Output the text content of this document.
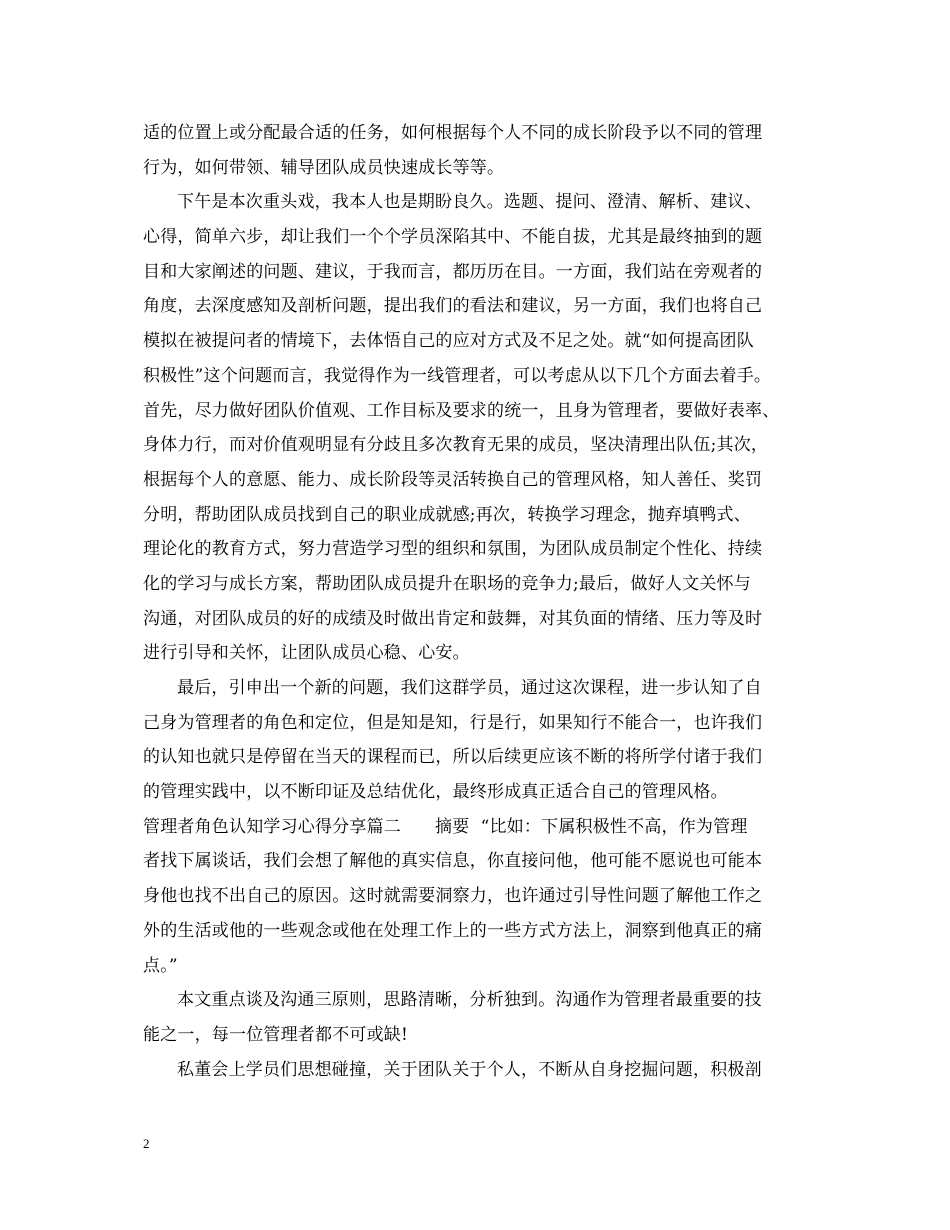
适的位置上或分配最合适的任务，如何根据每个人不同的成长阶段予以不同的管理
行为，如何带领、辅导团队成员快速成长等等。
下午是本次重头戏，我本人也是期盼良久。选题、提问、澄清、解析、建议、
心得，简单六步，却让我们一个个学员深陷其中、不能自拔，尤其是最终抽到的题
目和大家阐述的问题、建议，于我而言，都历历在目。一方面，我们站在旁观者的
角度，去深度感知及剖析问题，提出我们的看法和建议，另一方面，我们也将自己
模拟在被提问者的情境下，去体悟自己的应对方式及不足之处。就“如何提高团队
积极性”这个问题而言，我觉得作为一线管理者，可以考虑从以下几个方面去着手。
首先，尽力做好团队价值观、工作目标及要求的统一，且身为管理者，要做好表率、
身体力行，而对价值观明显有分歧且多次教育无果的成员，坚决清理出队伍;其次，
根据每个人的意愿、能力、成长阶段等灵活转换自己的管理风格，知人善任、奖罚
分明，帮助团队成员找到自己的职业成就感;再次，转换学习理念，抛弃填鸭式、
理论化的教育方式，努力营造学习型的组织和氛围，为团队成员制定个性化、持续
化的学习与成长方案，帮助团队成员提升在职场的竞争力;最后，做好人文关怀与
沟通，对团队成员的好的成绩及时做出肯定和鼓舞，对其负面的情绪、压力等及时
进行引导和关怀，让团队成员心稳、心安。
最后，引申出一个新的问题，我们这群学员，通过这次课程，进一步认知了自
己身为管理者的角色和定位，但是知是知，行是行，如果知行不能合一，也许我们
的认知也就只是停留在当天的课程而已，所以后续更应该不断的将所学付诸于我们
的管理实践中，以不断印证及总结优化，最终形成真正适合自己的管理风格。
管理者角色认知学习心得分享篇二 摘要 “比如：下属积极性不高，作为管理
者找下属谈话，我们会想了解他的真实信息，你直接问他，他可能不愿说也可能本
身他也找不出自己的原因。这时就需要洞察力，也许通过引导性问题了解他工作之
外的生活或他的一些观念或他在处理工作上的一些方式方法上，洞察到他真正的痛
点。”
本文重点谈及沟通三原则，思路清晰，分析独到。沟通作为管理者最重要的技
能之一，每一位管理者都不可或缺!
私董会上学员们思想碰撞，关于团队关于个人，不断从自身挖掘问题，积极剖
2
